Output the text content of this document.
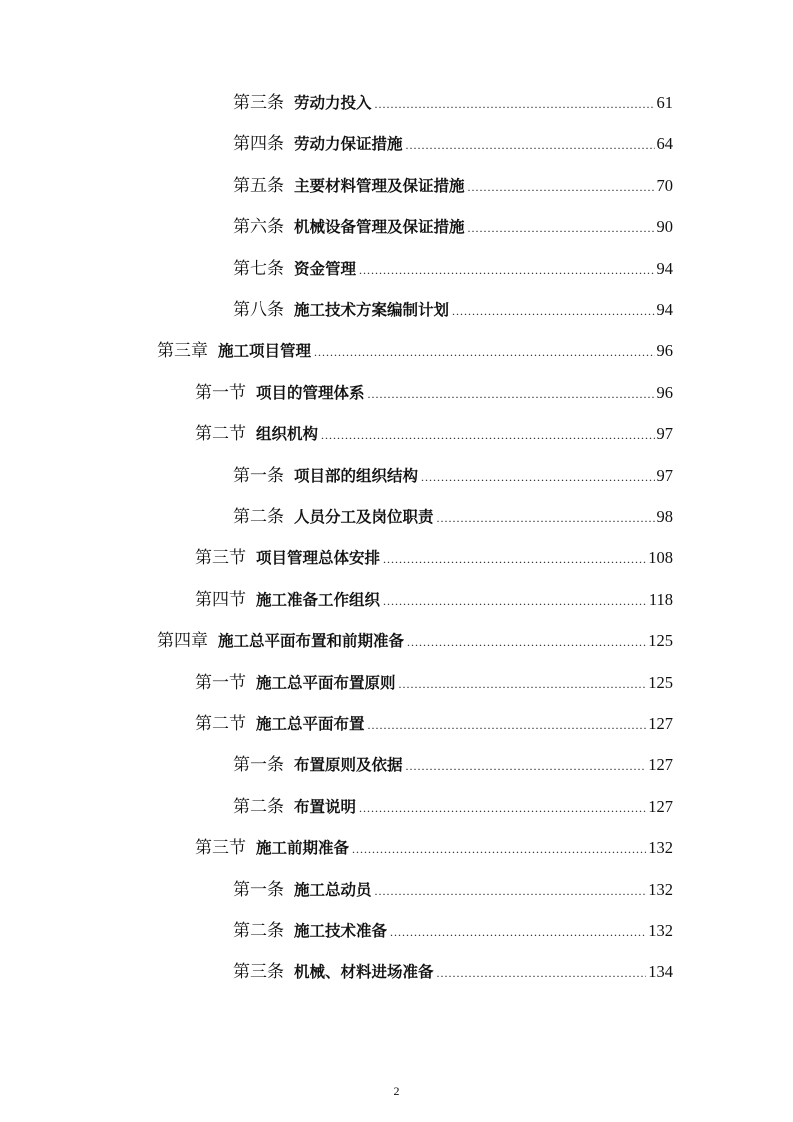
第三条 劳动力投入 .....	61
第四条 劳动力保证措施 .....	64
第五条 主要材料管理及保证措施 .....	70
第六条 机械设备管理及保证措施 .....	90
第七条 资金管理 .....	94
第八条 施工技术方案编制计划 .....	94
第三章 施工项目管理 .....	96
第一节 项目的管理体系 .....	96
第二节 组织机构 .....	97
第一条 项目部的组织结构 .....	97
第二条 人员分工及岗位职责 .....	98
第三节 项目管理总体安排 .....	108
第四节 施工准备工作组织 .....	118
第四章 施工总平面布置和前期准备 .....	125
第一节 施工总平面布置原则 .....	125
第二节 施工总平面布置 .....	127
第一条 布置原则及依据 .....	127
第二条 布置说明 .....	127
第三节 施工前期准备 .....	132
第一条 施工总动员 .....	132
第二条 施工技术准备 .....	132
第三条 机械、材料进场准备 .....	134
2
